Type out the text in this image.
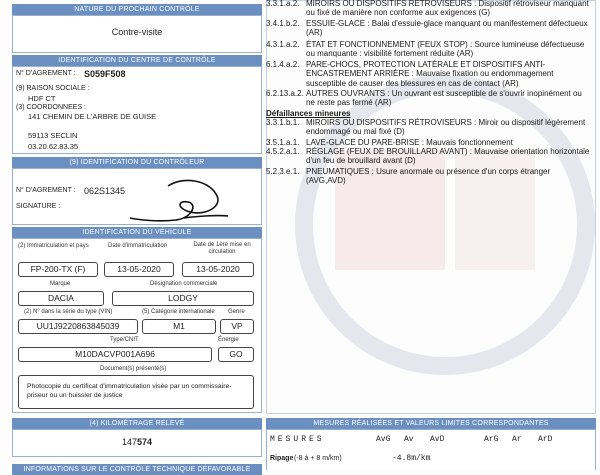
NATURE DU PROCHAIN CONTRÔLE
Contre-visite
IDENTIFICATION DU CENTRE DE CONTRÔLE
N° D'AGREMENT : S059F508
(9) RAISON SOCIALE :
HDF CT
(3) COORDONNEES :
141 CHEMIN DE L'ARBRE DE GUISE
59113 SECLIN
03.20.62.83.35
(9) IDENTIFICATION DU CONTRÔLEUR
N° D'AGREMENT : 062S1345
SIGNATURE :
IDENTIFICATION DU VÉHICULE
(2) Immatriculation et pays	Date d'immatriculation	Date de 1ère mise en circulation
FP-200-TX (F)	13-05-2020	13-05-2020
Marque	Désignation commerciale
DACIA	LODGY
(2) N° dans la série du type (VIN)	(5) Catégorie internationale Genre
UU1J9220863845039	M1	VP
Type/CNIT	Énergie
M10DACVP001A696	GO
Document(s) présenté(s)
Photocopie du certificat d'immatriculation visée par un commissaire-priseur ou un huissier de justice
(4) KILOMÉTRAGE RELEVÉ
147574
INFORMATIONS SUR LE CONTRÔLE TECHNIQUE DÉFAVORABLE
3.3.1.a.2. MIROIRS OU DISPOSITIFS RÉTROVISEURS : Dispositif rétroviseur manquant ou fixé de manière non conforme aux exigences (G)
3.4.1.b.2. ESSUIE-GLACE : Balai d'essuie-glace manquant ou manifestement défectueux (AR)
4.3.1.a.2. ÉTAT ET FONCTIONNEMENT (FEUX STOP) : Source lumineuse défectueuse ou manquante : visibilité fortement réduite (AR)
6.1.4.a.2. PARE-CHOCS, PROTECTION LATÉRALE ET DISPOSITIFS ANTI-ENCASTREMENT ARRIÈRE : Mauvaise fixation ou endommagement susceptible de causer des blessures en cas de contact (AR)
6.2.13.a.2. AUTRES OUVRANTS : Un ouvrant est susceptible de s'ouvrir inopinément ou ne reste pas fermé (AR)
Défaillances mineures
3.3.1.b.1. MIROIRS OU DISPOSITIFS RÉTROVISEURS : Miroir ou dispositif légèrement endommagé ou mal fixé (D)
3.5.1.a.1. LAVE-GLACE DU PARE-BRISE : Mauvais fonctionnement
4.5.2.a.1. RÉGLAGE (FEUX DE BROUILLARD AVANT) : Mauvaise orientation horizontale d'un feu de brouillard avant (D)
5.2.3.e.1. PNEUMATIQUES : Usure anormale ou présence d'un corps étranger (AVG,AVD)
MESURES RÉALISÉES ET VALEURS LIMITES CORRESPONDANTES
MESURES	AvG Av AvD	ArG Ar ArD
Ripage (-8 à + 8 m/km)	-4.8m/km
